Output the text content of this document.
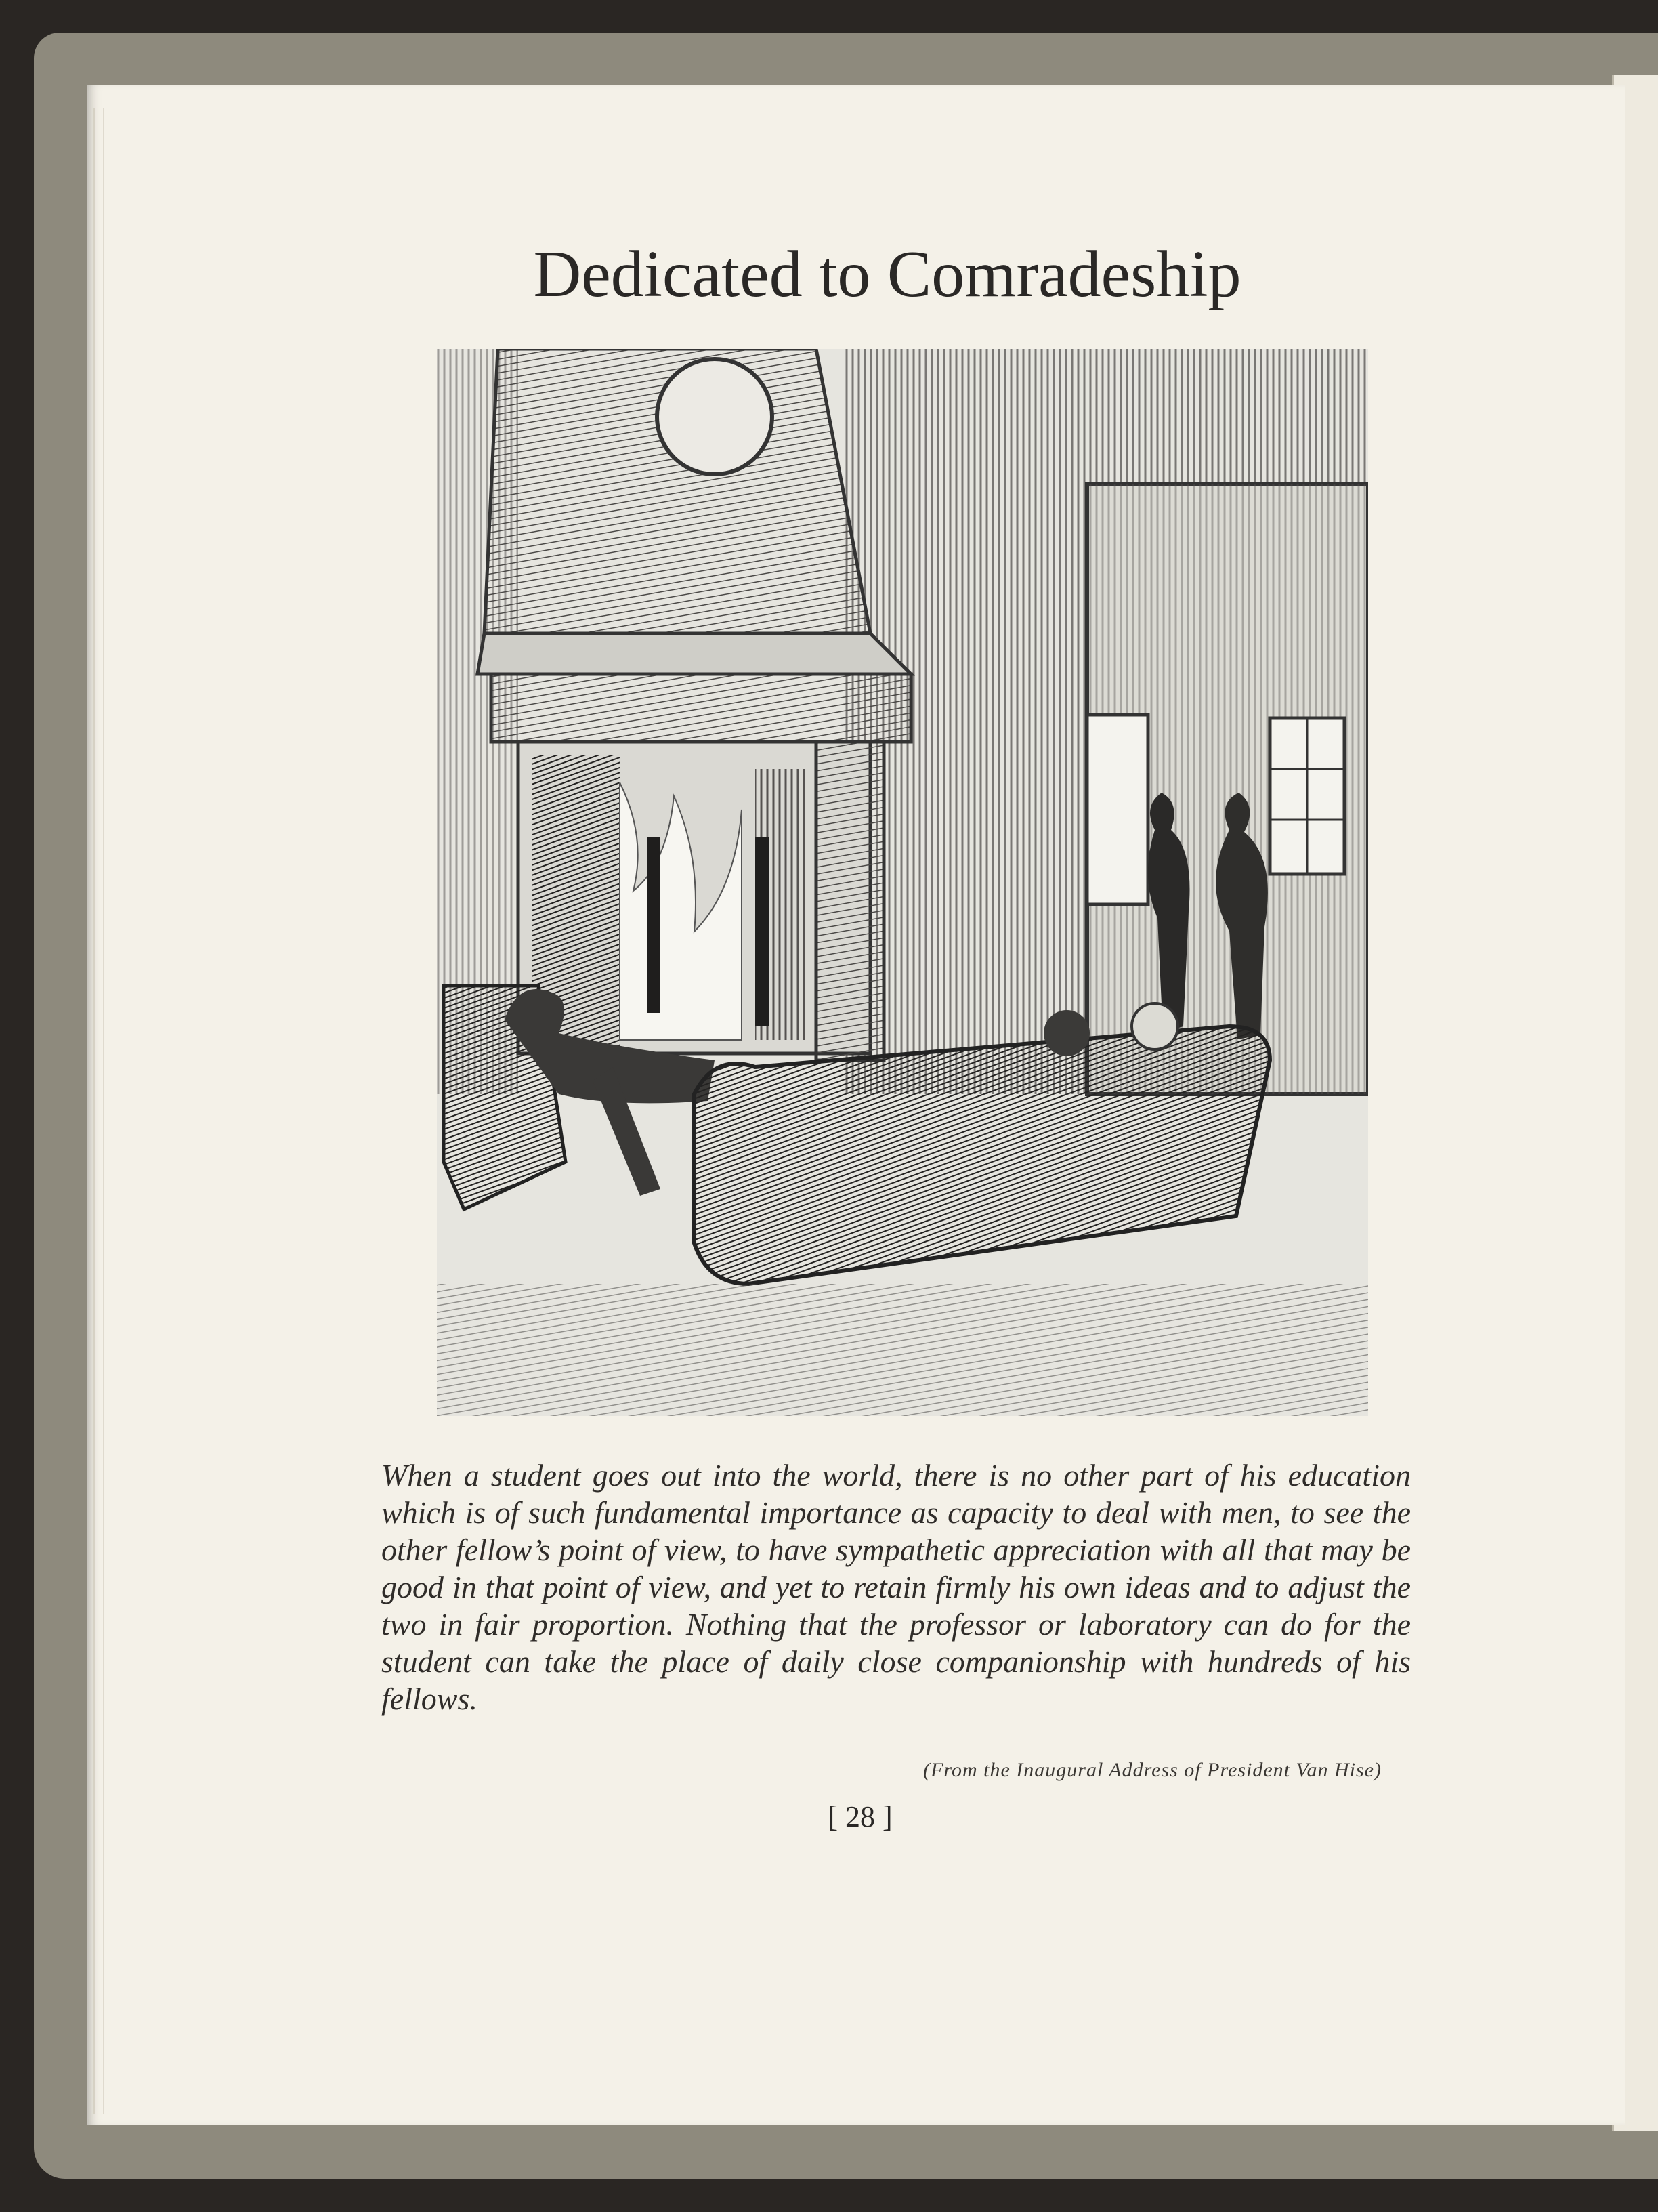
Dedicated to Comradeship

When a student goes out into the world, there is no other part of his education which is of such fundamental importance as capacity to deal with men, to see the other fellow’s point of view, to have sympathetic appreciation with all that may be good in that point of view, and yet to retain firmly his own ideas and to adjust the two in fair proportion. Nothing that the professor or laboratory can do for the student can take the place of daily close companionship with hundreds of his fellows.

(From the Inaugural Address of President Van Hise)

[ 28 ]
